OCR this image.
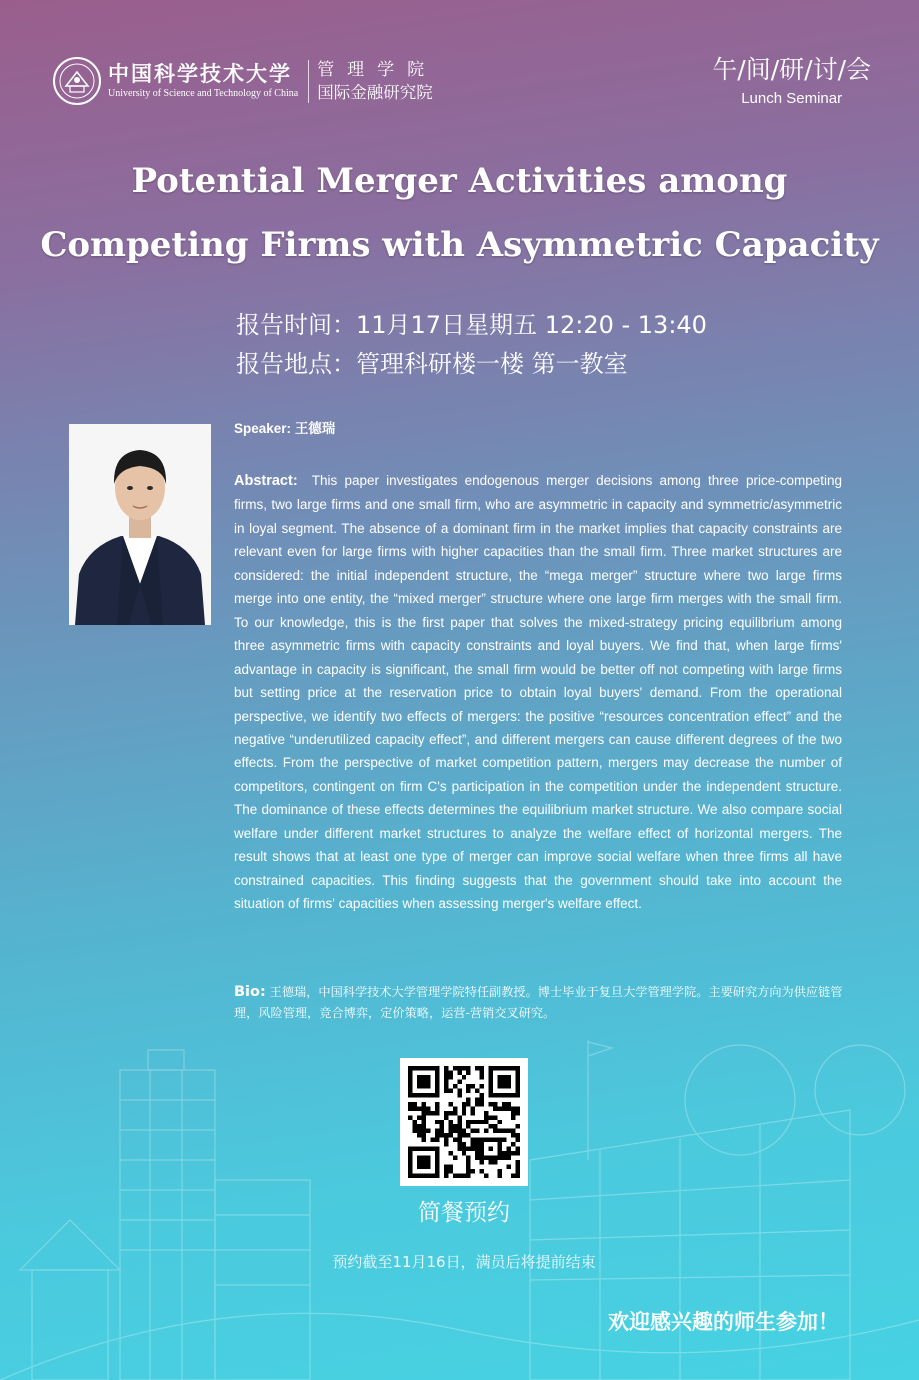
中国科学技术大学
University of Science and Technology of China
管理学院
国际金融研究院
午/间/研/讨/会
Lunch Seminar
Potential Merger Activities among
Competing Firms with Asymmetric Capacity
报告时间：11月17日星期五 12:20 - 13:40
报告地点：管理科研楼一楼 第一教室
Speaker: 王德瑞
Abstract: This paper investigates endogenous merger decisions among three price-competing firms, two large firms and one small firm, who are asymmetric in capacity and symmetric/asymmetric in loyal segment. The absence of a dominant firm in the market implies that capacity constraints are relevant even for large firms with higher capacities than the small firm. Three market structures are considered: the initial independent structure, the “mega merger” structure where two large firms merge into one entity, the “mixed merger” structure where one large firm merges with the small firm. To our knowledge, this is the first paper that solves the mixed-strategy pricing equilibrium among three asymmetric firms with capacity constraints and loyal buyers. We find that, when large firms' advantage in capacity is significant, the small firm would be better off not competing with large firms but setting price at the reservation price to obtain loyal buyers' demand. From the operational perspective, we identify two effects of mergers: the positive “resources concentration effect” and the negative “underutilized capacity effect”, and different mergers can cause different degrees of the two effects. From the perspective of market competition pattern, mergers may decrease the number of competitors, contingent on firm C's participation in the competition under the independent structure. The dominance of these effects determines the equilibrium market structure. We also compare social welfare under different market structures to analyze the welfare effect of horizontal mergers. The result shows that at least one type of merger can improve social welfare when three firms all have constrained capacities. This finding suggests that the government should take into account the situation of firms' capacities when assessing merger's welfare effect.
Bio: 王德瑞，中国科学技术大学管理学院特任副教授。博士毕业于复旦大学管理学院。主要研究方向为供应链管理，风险管理，竞合博弈，定价策略，运营-营销交叉研究。
简餐预约
预约截至11月16日，满员后将提前结束
欢迎感兴趣的师生参加！
